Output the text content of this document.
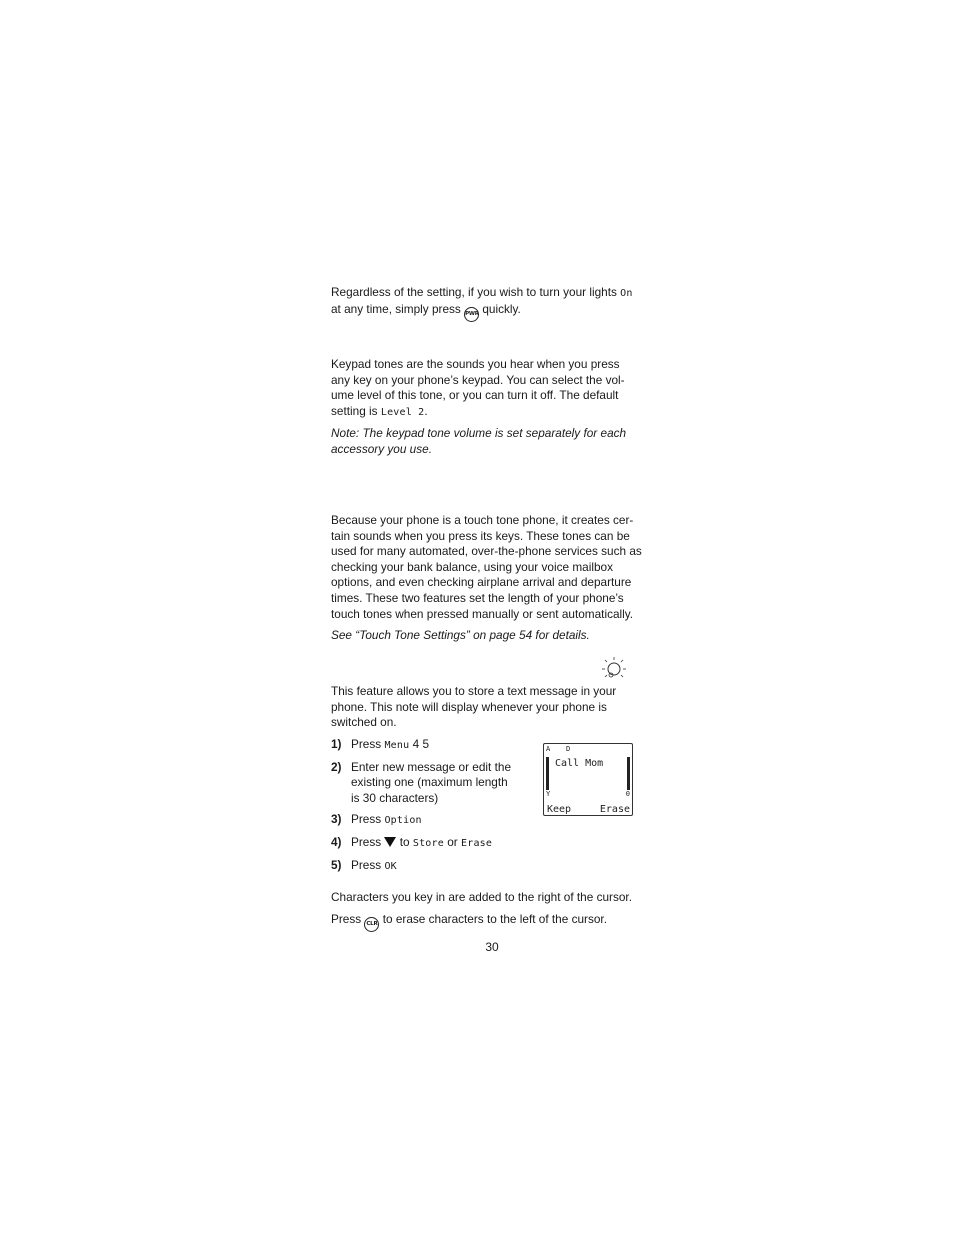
Regardless of the setting, if you wish to turn your lights On
at any time, simply press PWR quickly.

Keypad tones are the sounds you hear when you press any key on your phone’s keypad. You can select the vol-ume level of this tone, or you can turn it off. The default setting is Level 2.

Note: The keypad tone volume is set separately for each accessory you use.

Because your phone is a touch tone phone, it creates cer-tain sounds when you press its keys. These tones can be used for many automated, over-the-phone services such as checking your bank balance, using your voice mailbox options, and even checking airplane arrival and departure times. These two features set the length of your phone’s touch tones when pressed manually or sent automatically.

See “Touch Tone Settings” on page 54 for details.

This feature allows you to store a text message in your phone. This note will display whenever your phone is switched on.

1) Press Menu 4 5
2) Enter new message or edit the existing one (maximum length is 30 characters)
3) Press Option
4) Press  to Store or Erase
5) Press OK
A D
Y	0
Call Mom
Keep	Erase

Characters you key in are added to the right of the cursor.

Press CLR to erase characters to the left of the cursor.

30
